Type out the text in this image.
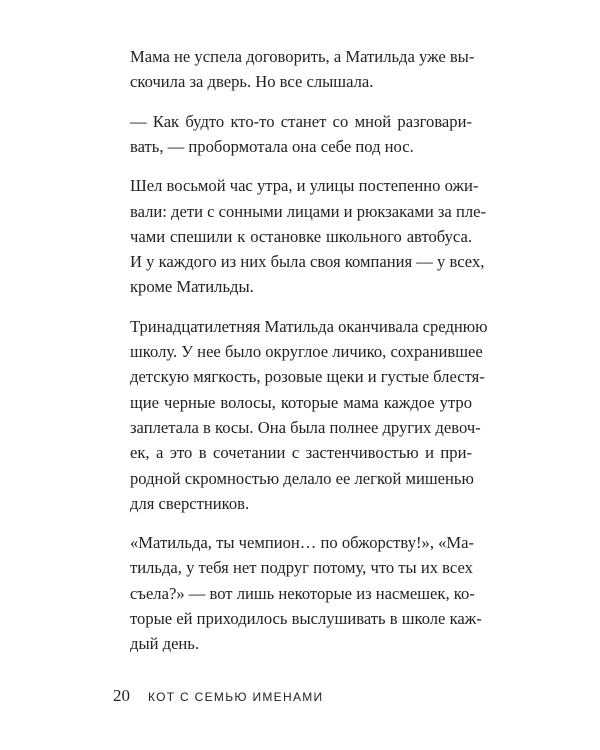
Мама не успела договорить, а Матильда уже вы-
скочила за дверь. Но все слышала.
— Как будто кто-то станет со мной разговари-
вать, — пробормотала она себе под нос.
Шел восьмой час утра, и улицы постепенно ожи-
вали: дети с сонными лицами и рюкзаками за пле-
чами спешили к остановке школьного автобуса.
И у каждого из них была своя компания — у всех,
кроме Матильды.
Тринадцатилетняя Матильда оканчивала среднюю
школу. У нее было округлое личико, сохранившее
детскую мягкость, розовые щеки и густые блестя-
щие черные волосы, которые мама каждое утро
заплетала в косы. Она была полнее других девоч-
ек, а это в сочетании с застенчивостью и при-
родной скромностью делало ее легкой мишенью
для сверстников.
«Матильда, ты чемпион… по обжорству!», «Ма-
тильда, у тебя нет подруг потому, что ты их всех
съела?» — вот лишь некоторые из насмешек, ко-
торые ей приходилось выслушивать в школе каж-
дый день.
20 КОТ С СЕМЬЮ ИМЕНАМИ
